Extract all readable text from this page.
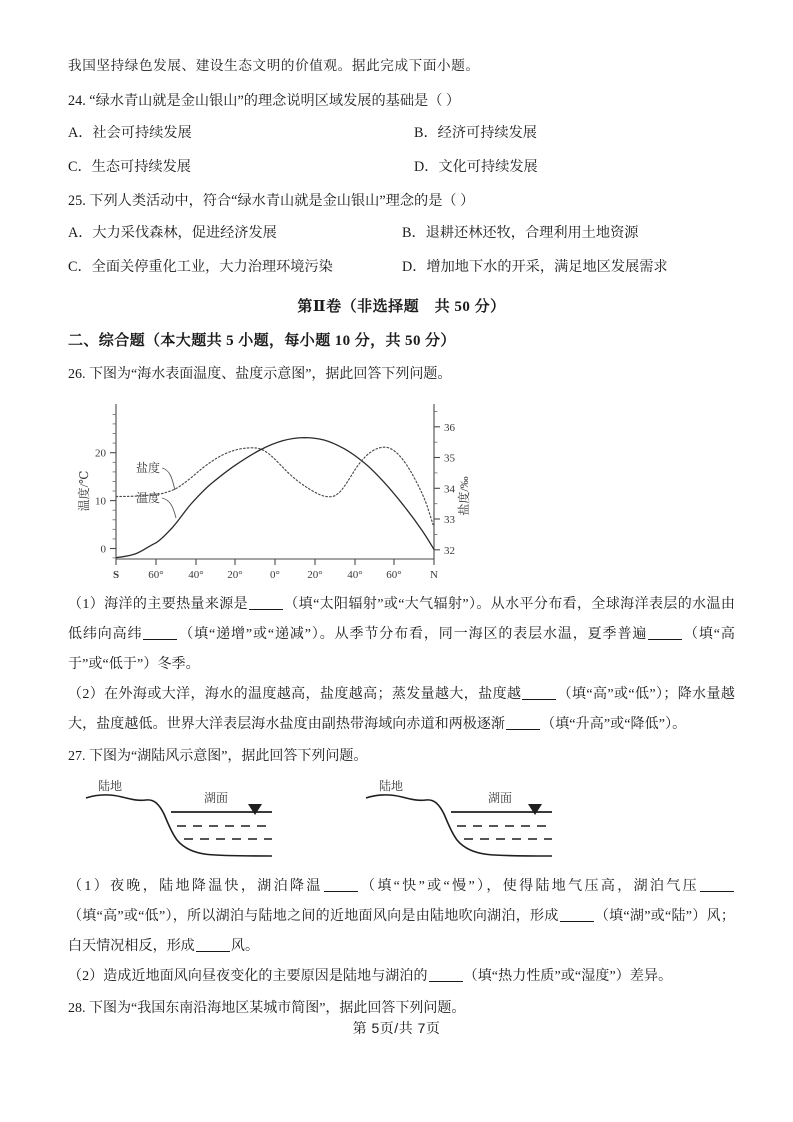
我国坚持绿色发展、建设生态文明的价值观。据此完成下面小题。
24. “绿水青山就是金山银山”的理念说明区域发展的基础是（ ）
A．社会可持续发展	B．经济可持续发展
C．生态可持续发展	D．文化可持续发展
25. 下列人类活动中，符合“绿水青山就是金山银山”理念的是（ ）
A．大力采伐森林，促进经济发展	B．退耕还林还牧，合理利用土地资源
C．全面关停重化工业，大力治理环境污染	D．增加地下水的开采，满足地区发展需求
第Ⅱ卷（非选择题　共 50 分）
二、综合题（本大题共 5 小题，每小题 10 分，共 50 分）
26. 下图为“海水表面温度、盐度示意图”，据此回答下列问题。
0
10
20
32
33
34
35
36
S	60° 40° 20° 0° 20° 40° 60°	N
温度/℃	盐度/‰
盐度
温度
（1）海洋的主要热量来源是	（填“太阳辐射”或“大气辐射”）。从水平分布看，全球海洋表层的水温由低纬向高纬	（填“递增”或“递减”）。从季节分布看，同一海区的表层水温，夏季普遍	（填“高于”或“低于”）冬季。
（2）在外海或大洋，海水的温度越高，盐度越高；蒸发量越大，盐度越	（填“高”或“低”）；降水量越大，盐度越低。世界大洋表层海水盐度由副热带海域向赤道和两极逐渐	（填“升高”或“降低”）。
27. 下图为“湖陆风示意图”，据此回答下列问题。
陆地
湖面
陆地
湖面
（1）夜晚，陆地降温快，湖泊降温	（填“快”或“慢”），使得陆地气压高，湖泊气压（填“高”或“低”），所以湖泊与陆地之间的近地面风向是由陆地吹向湖泊，形成	（填“湖”或“陆”）风；白天情况相反，形成	风。
（2）造成近地面风向昼夜变化的主要原因是陆地与湖泊的	（填“热力性质”或“湿度”）差异。
28. 下图为“我国东南沿海地区某城市简图”，据此回答下列问题。
第 5页/共 7页
